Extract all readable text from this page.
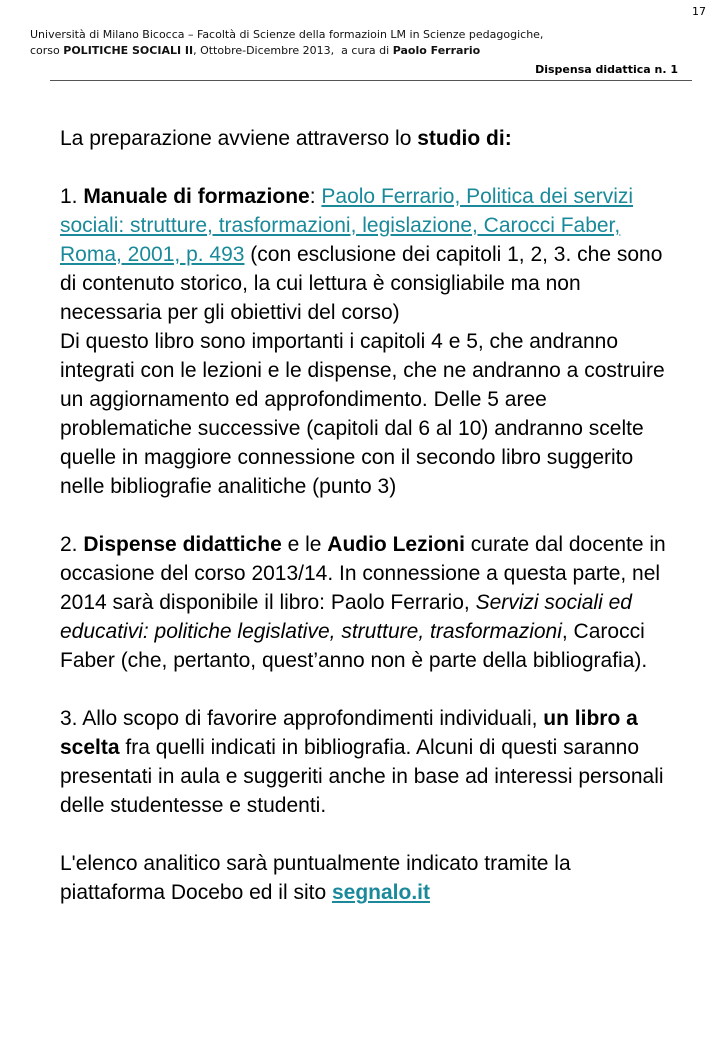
17
Università di Milano Bicocca – Facoltà di Scienze della formazioin LM in Scienze pedagogiche,
corso POLITICHE SOCIALI II, Ottobre-Dicembre 2013,  a cura di Paolo Ferrario
Dispensa didattica n. 1

La preparazione avviene attraverso lo studio di:

1. Manuale di formazione: Paolo Ferrario, Politica dei servizi sociali: strutture, trasformazioni, legislazione, Carocci Faber, Roma, 2001, p. 493 (con esclusione dei capitoli 1, 2, 3. che sono di contenuto storico, la cui lettura è consigliabile ma non necessaria per gli obiettivi del corso)

Di questo libro sono importanti i capitoli 4 e 5, che andranno integrati con le lezioni e le dispense, che ne andranno a costruire un aggiornamento ed approfondimento. Delle 5 aree problematiche successive (capitoli dal 6 al 10) andranno scelte quelle in maggiore connessione con il secondo libro suggerito nelle bibliografie analitiche (punto 3)

2. Dispense didattiche e le Audio Lezioni curate dal docente in occasione del corso 2013/14. In connessione a questa parte, nel 2014 sarà disponibile il libro: Paolo Ferrario, Servizi sociali ed educativi: politiche legislative, strutture, trasformazioni, Carocci Faber (che, pertanto, quest’anno non è parte della bibliografia).

3. Allo scopo di favorire approfondimenti individuali, un libro a scelta fra quelli indicati in bibliografia. Alcuni di questi saranno presentati in aula e suggeriti anche in base ad interessi personali delle studentesse e studenti.

L'elenco analitico sarà puntualmente indicato tramite la piattaforma Docebo ed il sito segnalo.it
